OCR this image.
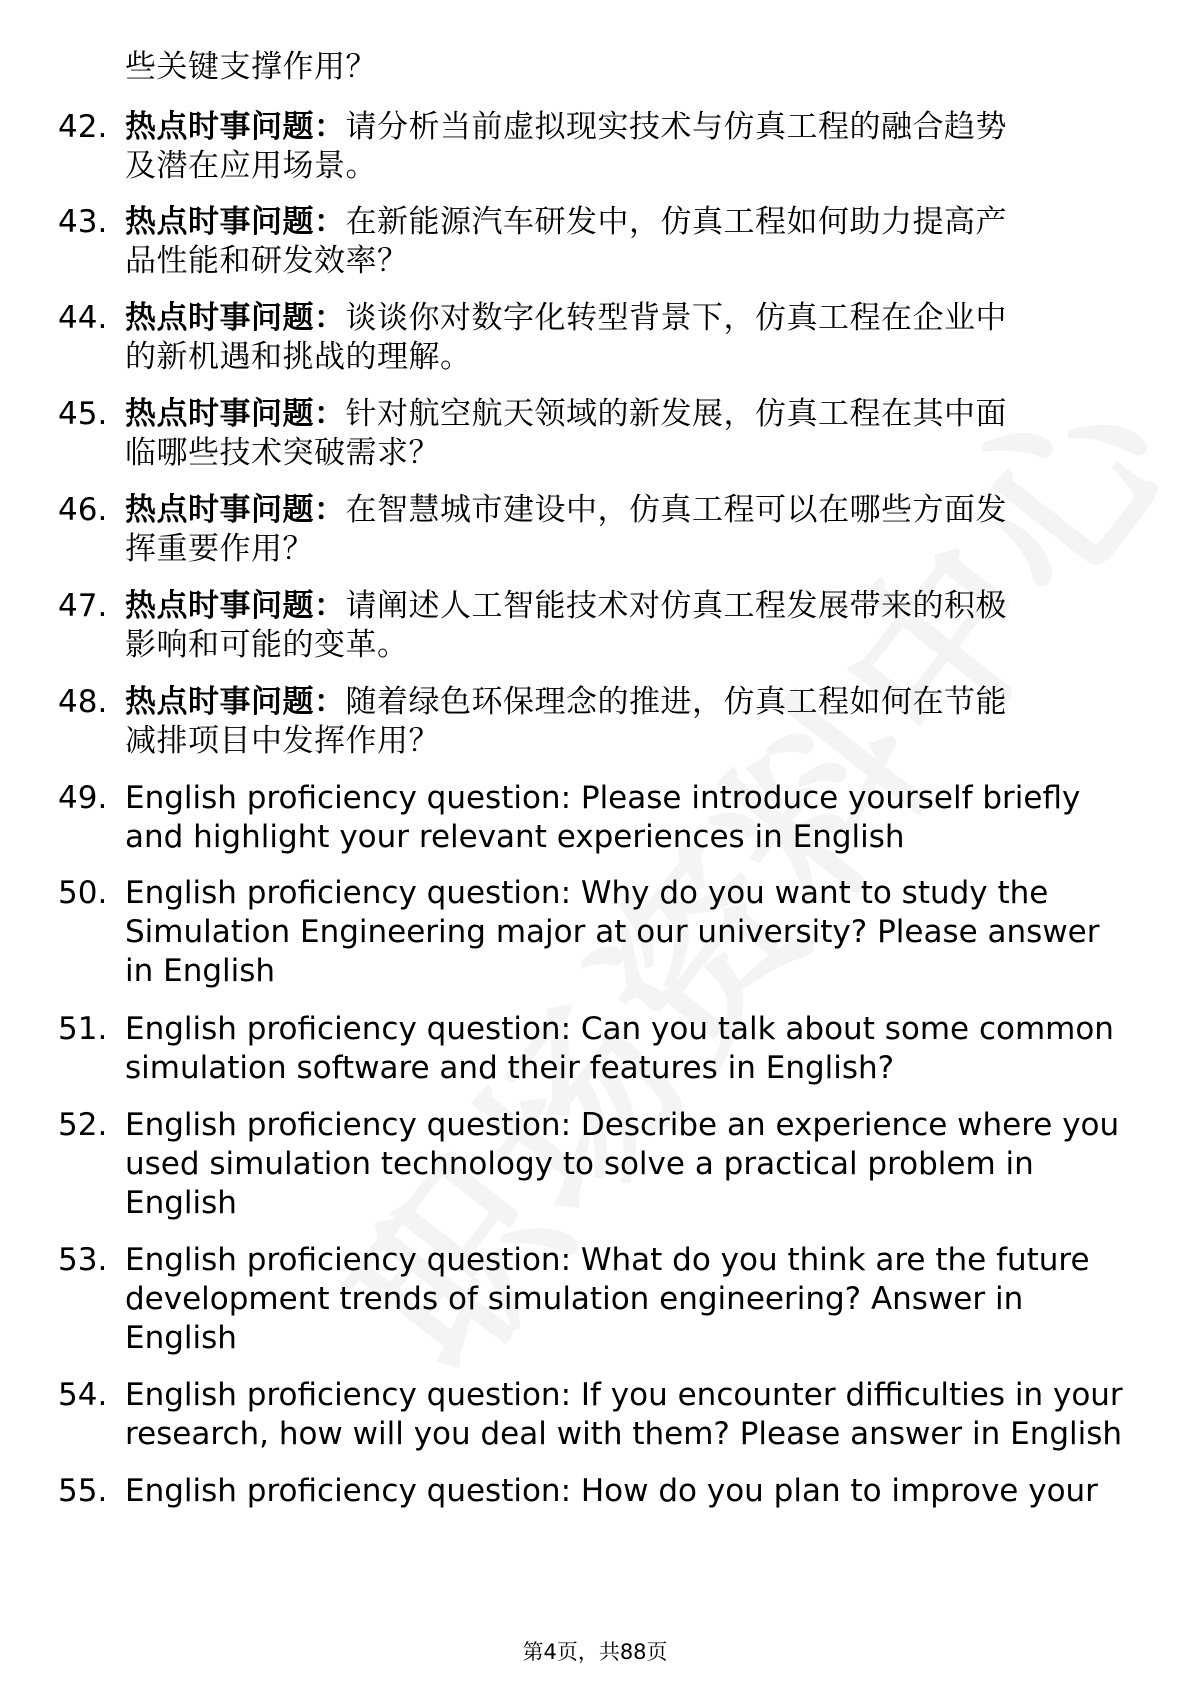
些关键支撑作用？
42. 热点时事问题：请分析当前虚拟现实技术与仿真工程的融合趋势
及潜在应用场景。
43. 热点时事问题：在新能源汽车研发中，仿真工程如何助力提高产
品性能和研发效率？
44. 热点时事问题：谈谈你对数字化转型背景下，仿真工程在企业中
的新机遇和挑战的理解。
45. 热点时事问题：针对航空航天领域的新发展，仿真工程在其中面
临哪些技术突破需求？
46. 热点时事问题：在智慧城市建设中，仿真工程可以在哪些方面发
挥重要作用？
47. 热点时事问题：请阐述人工智能技术对仿真工程发展带来的积极
影响和可能的变革。
48. 热点时事问题：随着绿色环保理念的推进，仿真工程如何在节能
减排项目中发挥作用？
49. English proficiency question: Please introduce yourself briefly
and highlight your relevant experiences in English
50. English proficiency question: Why do you want to study the
Simulation Engineering major at our university? Please answer
in English
51. English proficiency question: Can you talk about some common
simulation software and their features in English?
52. English proficiency question: Describe an experience where you
used simulation technology to solve a practical problem in
English
53. English proficiency question: What do you think are the future
development trends of simulation engineering? Answer in
English
54. English proficiency question: If you encounter difficulties in your
research, how will you deal with them? Please answer in English
55. English proficiency question: How do you plan to improve your
第4页，共88页
